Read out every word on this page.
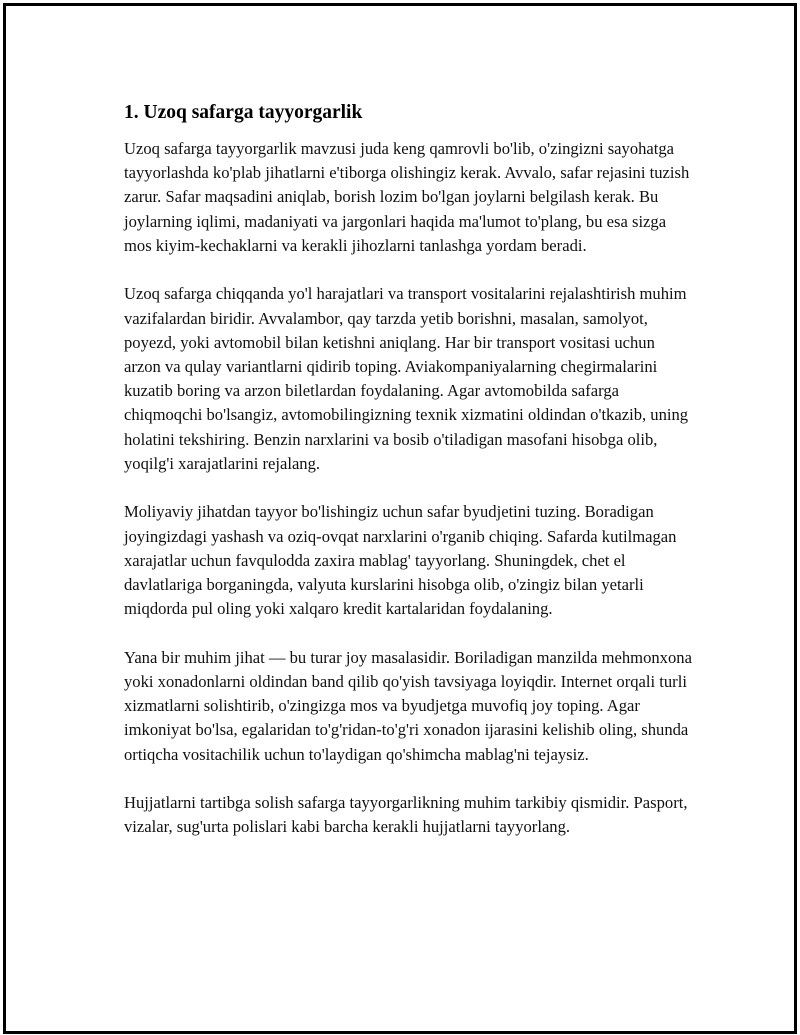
1. Uzoq safarga tayyorgarlik

Uzoq safarga tayyorgarlik mavzusi juda keng qamrovli bo'lib, o'zingizni sayohatga tayyorlashda ko'plab jihatlarni e'tiborga olishingiz kerak. Avvalo, safar rejasini tuzish zarur. Safar maqsadini aniqlab, borish lozim bo'lgan joylarni belgilash kerak. Bu joylarning iqlimi, madaniyati va jargonlari haqida ma'lumot to'plang, bu esa sizga mos kiyim-kechaklarni va kerakli jihozlarni tanlashga yordam beradi.

Uzoq safarga chiqqanda yo'l harajatlari va transport vositalarini rejalashtirish muhim vazifalardan biridir. Avvalambor, qay tarzda yetib borishni, masalan, samolyot, poyezd, yoki avtomobil bilan ketishni aniqlang. Har bir transport vositasi uchun arzon va qulay variantlarni qidirib toping. Aviakompaniyalarning chegirmalarini kuzatib boring va arzon biletlardan foydalaning. Agar avtomobilda safarga chiqmoqchi bo'lsangiz, avtomobilingizning texnik xizmatini oldindan o'tkazib, uning holatini tekshiring. Benzin narxlarini va bosib o'tiladigan masofani hisobga olib, yoqilg'i xarajatlarini rejalang.

Moliyaviy jihatdan tayyor bo'lishingiz uchun safar byudjetini tuzing. Boradigan joyingizdagi yashash va oziq-ovqat narxlarini o'rganib chiqing. Safarda kutilmagan xarajatlar uchun favqulodda zaxira mablag' tayyorlang. Shuningdek, chet el davlatlariga borganingda, valyuta kurslarini hisobga olib, o'zingiz bilan yetarli miqdorda pul oling yoki xalqaro kredit kartalaridan foydalaning.

Yana bir muhim jihat — bu turar joy masalasidir. Boriladigan manzilda mehmonxona yoki xonadonlarni oldindan band qilib qo'yish tavsiyaga loyiqdir. Internet orqali turli xizmatlarni solishtirib, o'zingizga mos va byudjetga muvofiq joy toping. Agar imkoniyat bo'lsa, egalaridan to'g'ridan-to'g'ri xonadon ijarasini kelishib oling, shunda ortiqcha vositachilik uchun to'laydigan qo'shimcha mablag'ni tejaysiz.

Hujjatlarni tartibga solish safarga tayyorgarlikning muhim tarkibiy qismidir. Pasport, vizalar, sug'urta polislari kabi barcha kerakli hujjatlarni tayyorlang.
